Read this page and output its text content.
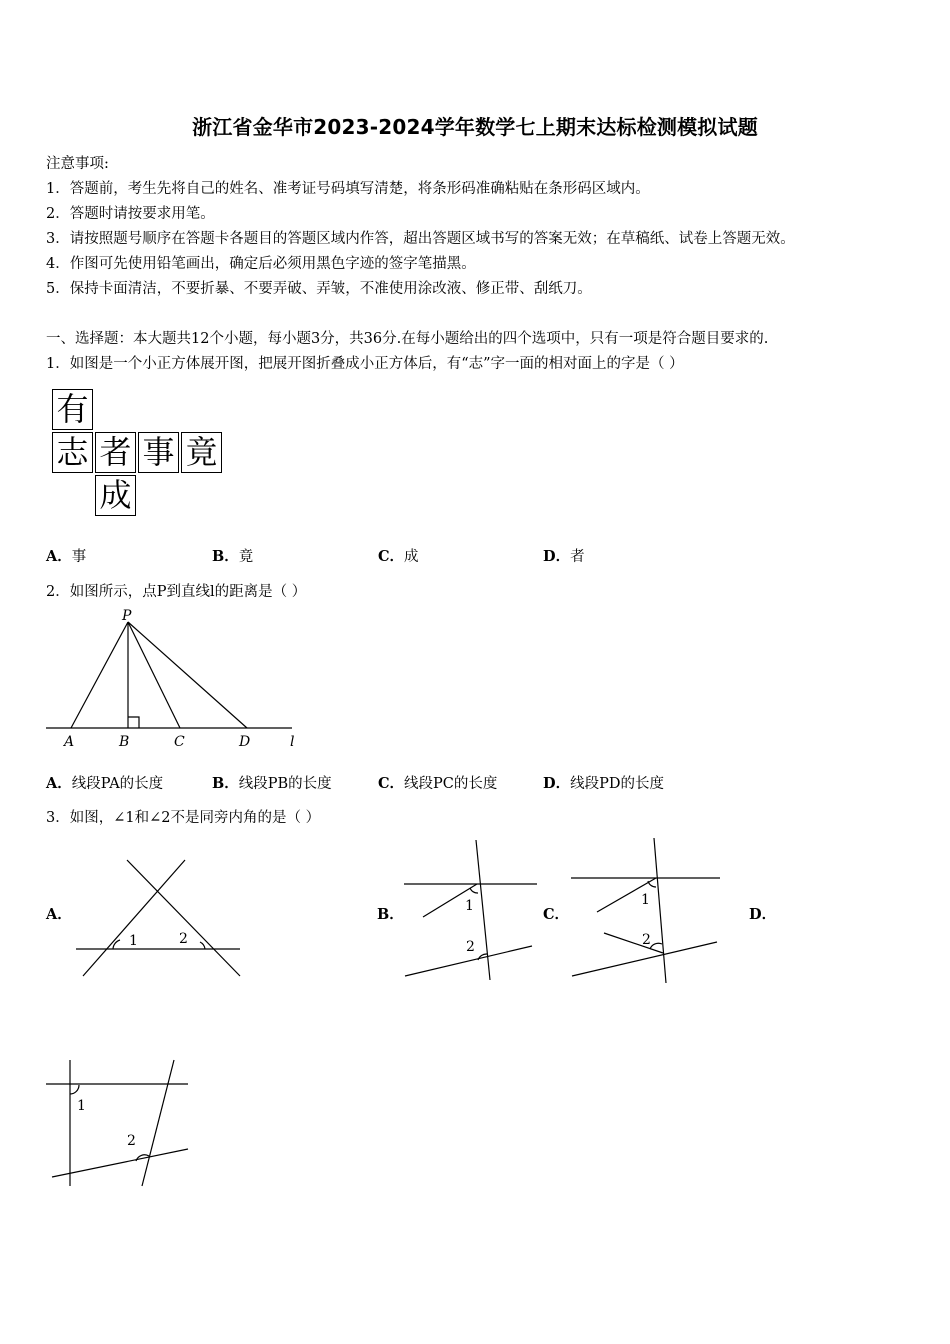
浙江省金华市2023-2024学年数学七上期末达标检测模拟试题
注意事项:
1．答题前，考生先将自己的姓名、准考证号码填写清楚，将条形码准确粘贴在条形码区域内。
2．答题时请按要求用笔。
3．请按照题号顺序在答题卡各题目的答题区域内作答，超出答题区域书写的答案无效；在草稿纸、试卷上答题无效。
4．作图可先使用铅笔画出，确定后必须用黑色字迹的签字笔描黑。
5．保持卡面清洁，不要折暴、不要弄破、弄皱，不准使用涂改液、修正带、刮纸刀。
一、选择题：本大题共12个小题，每小题3分，共36分.在每小题给出的四个选项中，只有一项是符合题目要求的.
1．如图是一个小正方体展开图，把展开图折叠成小正方体后，有“志”字一面的相对面上的字是（ ）
有
志 者 事 竟
成
A．事	B．竟	C．成	D．者
2．如图所示，点P到直线l的距离是（ ）
P
A	B	C	D	l
A．线段PA的长度	B．线段PB的长度	C．线段PC的长度	D．线段PD的长度
3．如图，∠1和∠2不是同旁内角的是（ ）
A．	B．	C．	D．
1	2
1
2
1
2
1
2
